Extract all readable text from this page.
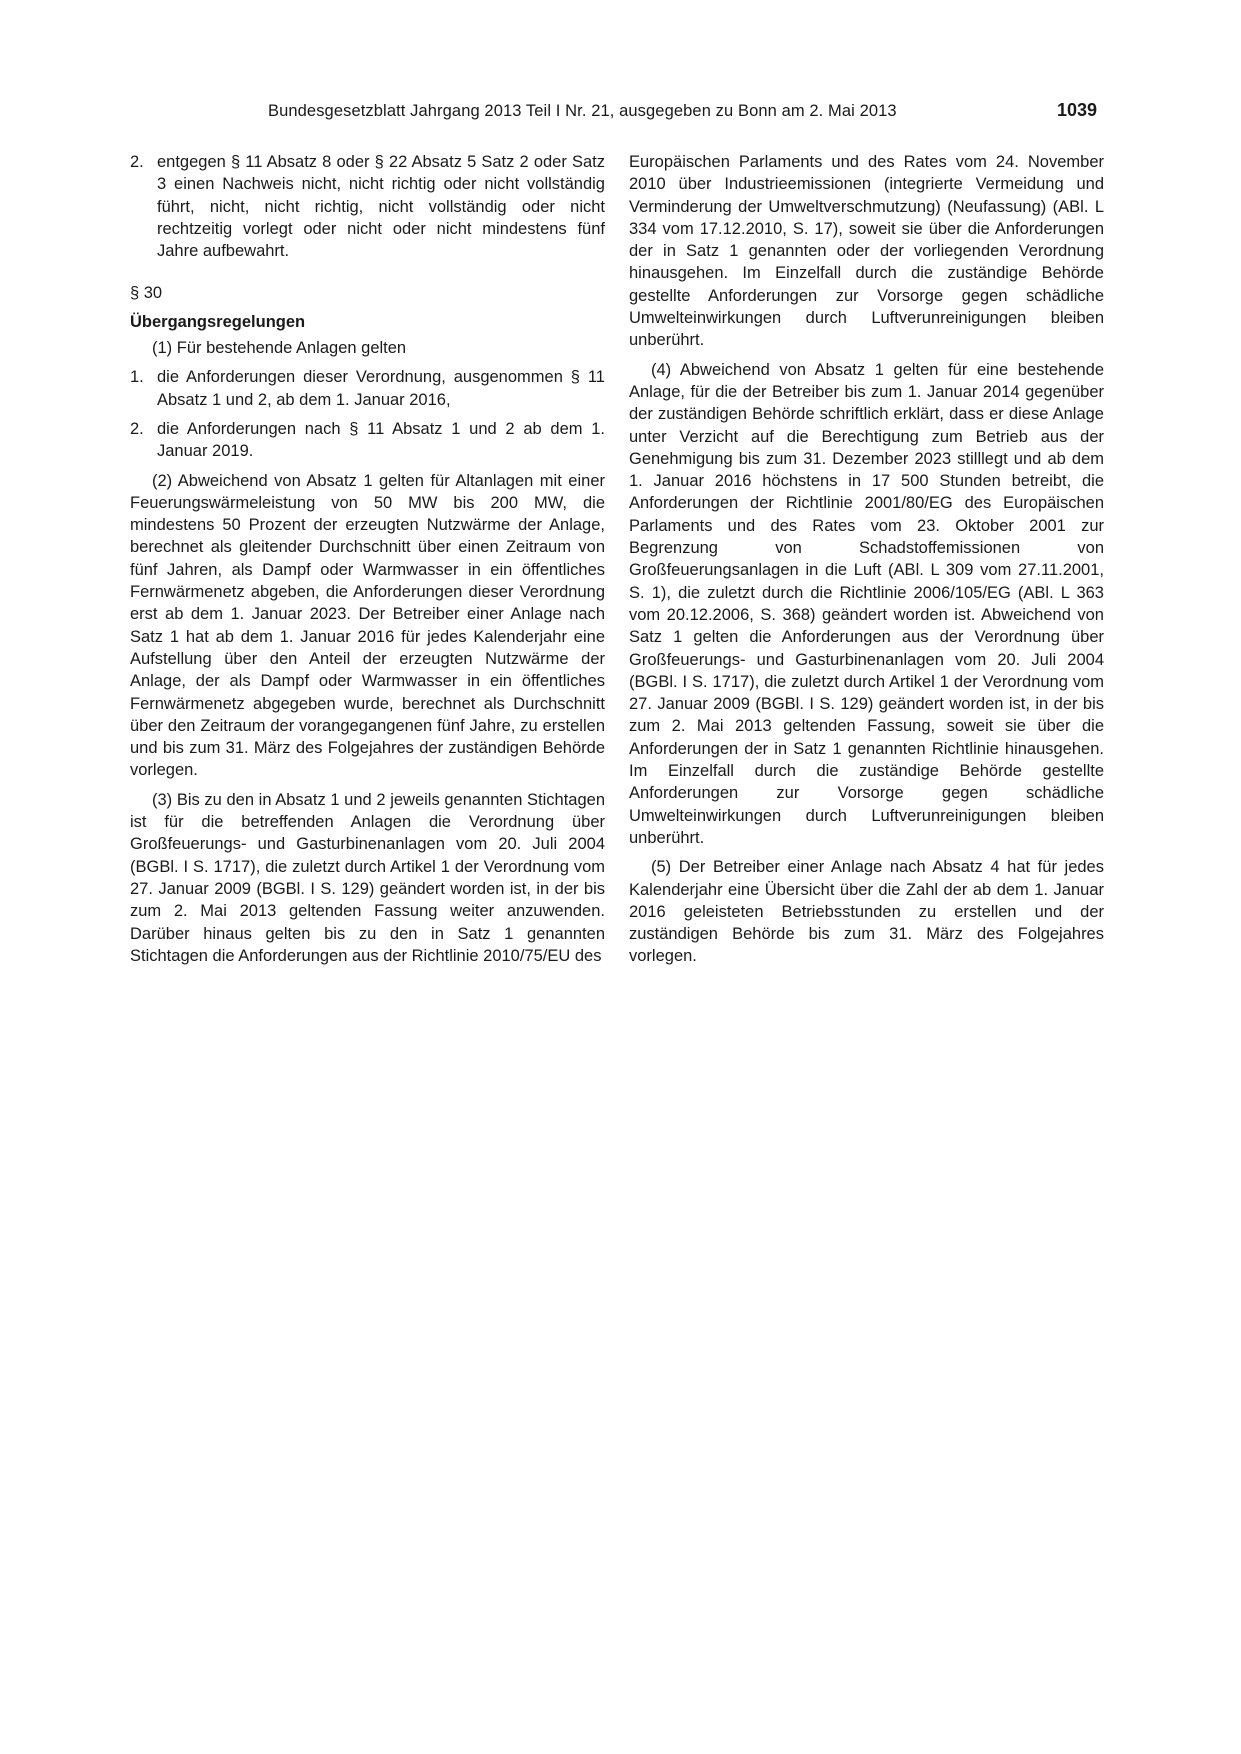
Bundesgesetzblatt Jahrgang 2013 Teil I Nr. 21, ausgegeben zu Bonn am 2. Mai 2013	1039
2. entgegen § 11 Absatz 8 oder § 22 Absatz 5 Satz 2 oder Satz 3 einen Nachweis nicht, nicht richtig oder nicht vollständig führt, nicht, nicht richtig, nicht vollständig oder nicht rechtzeitig vorlegt oder nicht oder nicht mindestens fünf Jahre aufbewahrt.

§ 30

Übergangsregelungen

(1) Für bestehende Anlagen gelten

1. die Anforderungen dieser Verordnung, ausgenommen § 11 Absatz 1 und 2, ab dem 1. Januar 2016,
2. die Anforderungen nach § 11 Absatz 1 und 2 ab dem 1. Januar 2019.

(2) Abweichend von Absatz 1 gelten für Altanlagen mit einer Feuerungswärmeleistung von 50 MW bis 200 MW, die mindestens 50 Prozent der erzeugten Nutzwärme der Anlage, berechnet als gleitender Durchschnitt über einen Zeitraum von fünf Jahren, als Dampf oder Warmwasser in ein öffentliches Fernwärmenetz abgeben, die Anforderungen dieser Verordnung erst ab dem 1. Januar 2023. Der Betreiber einer Anlage nach Satz 1 hat ab dem 1. Januar 2016 für jedes Kalenderjahr eine Aufstellung über den Anteil der erzeugten Nutzwärme der Anlage, der als Dampf oder Warmwasser in ein öffentliches Fernwärmenetz abgegeben wurde, berechnet als Durchschnitt über den Zeitraum der vorangegangenen fünf Jahre, zu erstellen und bis zum 31. März des Folgejahres der zuständigen Behörde vorlegen.

(3) Bis zu den in Absatz 1 und 2 jeweils genannten Stichtagen ist für die betreffenden Anlagen die Verordnung über Großfeuerungs- und Gasturbinenanlagen vom 20. Juli 2004 (BGBl. I S. 1717), die zuletzt durch Artikel 1 der Verordnung vom 27. Januar 2009 (BGBl. I S. 129) geändert worden ist, in der bis zum 2. Mai 2013 geltenden Fassung weiter anzuwenden. Darüber hinaus gelten bis zu den in Satz 1 genannten Stichtagen die Anforderungen aus der Richtlinie 2010/75/EU des

Europäischen Parlaments und des Rates vom 24. November 2010 über Industrieemissionen (integrierte Vermeidung und Verminderung der Umweltverschmutzung) (Neufassung) (ABl. L 334 vom 17.12.2010, S. 17), soweit sie über die Anforderungen der in Satz 1 genannten oder der vorliegenden Verordnung hinausgehen. Im Einzelfall durch die zuständige Behörde gestellte Anforderungen zur Vorsorge gegen schädliche Umwelteinwirkungen durch Luftverunreinigungen bleiben unberührt.

(4) Abweichend von Absatz 1 gelten für eine bestehende Anlage, für die der Betreiber bis zum 1. Januar 2014 gegenüber der zuständigen Behörde schriftlich erklärt, dass er diese Anlage unter Verzicht auf die Berechtigung zum Betrieb aus der Genehmigung bis zum 31. Dezember 2023 stilllegt und ab dem 1. Januar 2016 höchstens in 17 500 Stunden betreibt, die Anforderungen der Richtlinie 2001/80/EG des Europäischen Parlaments und des Rates vom 23. Oktober 2001 zur Begrenzung von Schadstoffemissionen von Großfeuerungsanlagen in die Luft (ABl. L 309 vom 27.11.2001, S. 1), die zuletzt durch die Richtlinie 2006/105/EG (ABl. L 363 vom 20.12.2006, S. 368) geändert worden ist. Abweichend von Satz 1 gelten die Anforderungen aus der Verordnung über Großfeuerungs- und Gasturbinenanlagen vom 20. Juli 2004 (BGBl. I S. 1717), die zuletzt durch Artikel 1 der Verordnung vom 27. Januar 2009 (BGBl. I S. 129) geändert worden ist, in der bis zum 2. Mai 2013 geltenden Fassung, soweit sie über die Anforderungen der in Satz 1 genannten Richtlinie hinausgehen. Im Einzelfall durch die zuständige Behörde gestellte Anforderungen zur Vorsorge gegen schädliche Umwelteinwirkungen durch Luftverunreinigungen bleiben unberührt.

(5) Der Betreiber einer Anlage nach Absatz 4 hat für jedes Kalenderjahr eine Übersicht über die Zahl der ab dem 1. Januar 2016 geleisteten Betriebsstunden zu erstellen und der zuständigen Behörde bis zum 31. März des Folgejahres vorlegen.
